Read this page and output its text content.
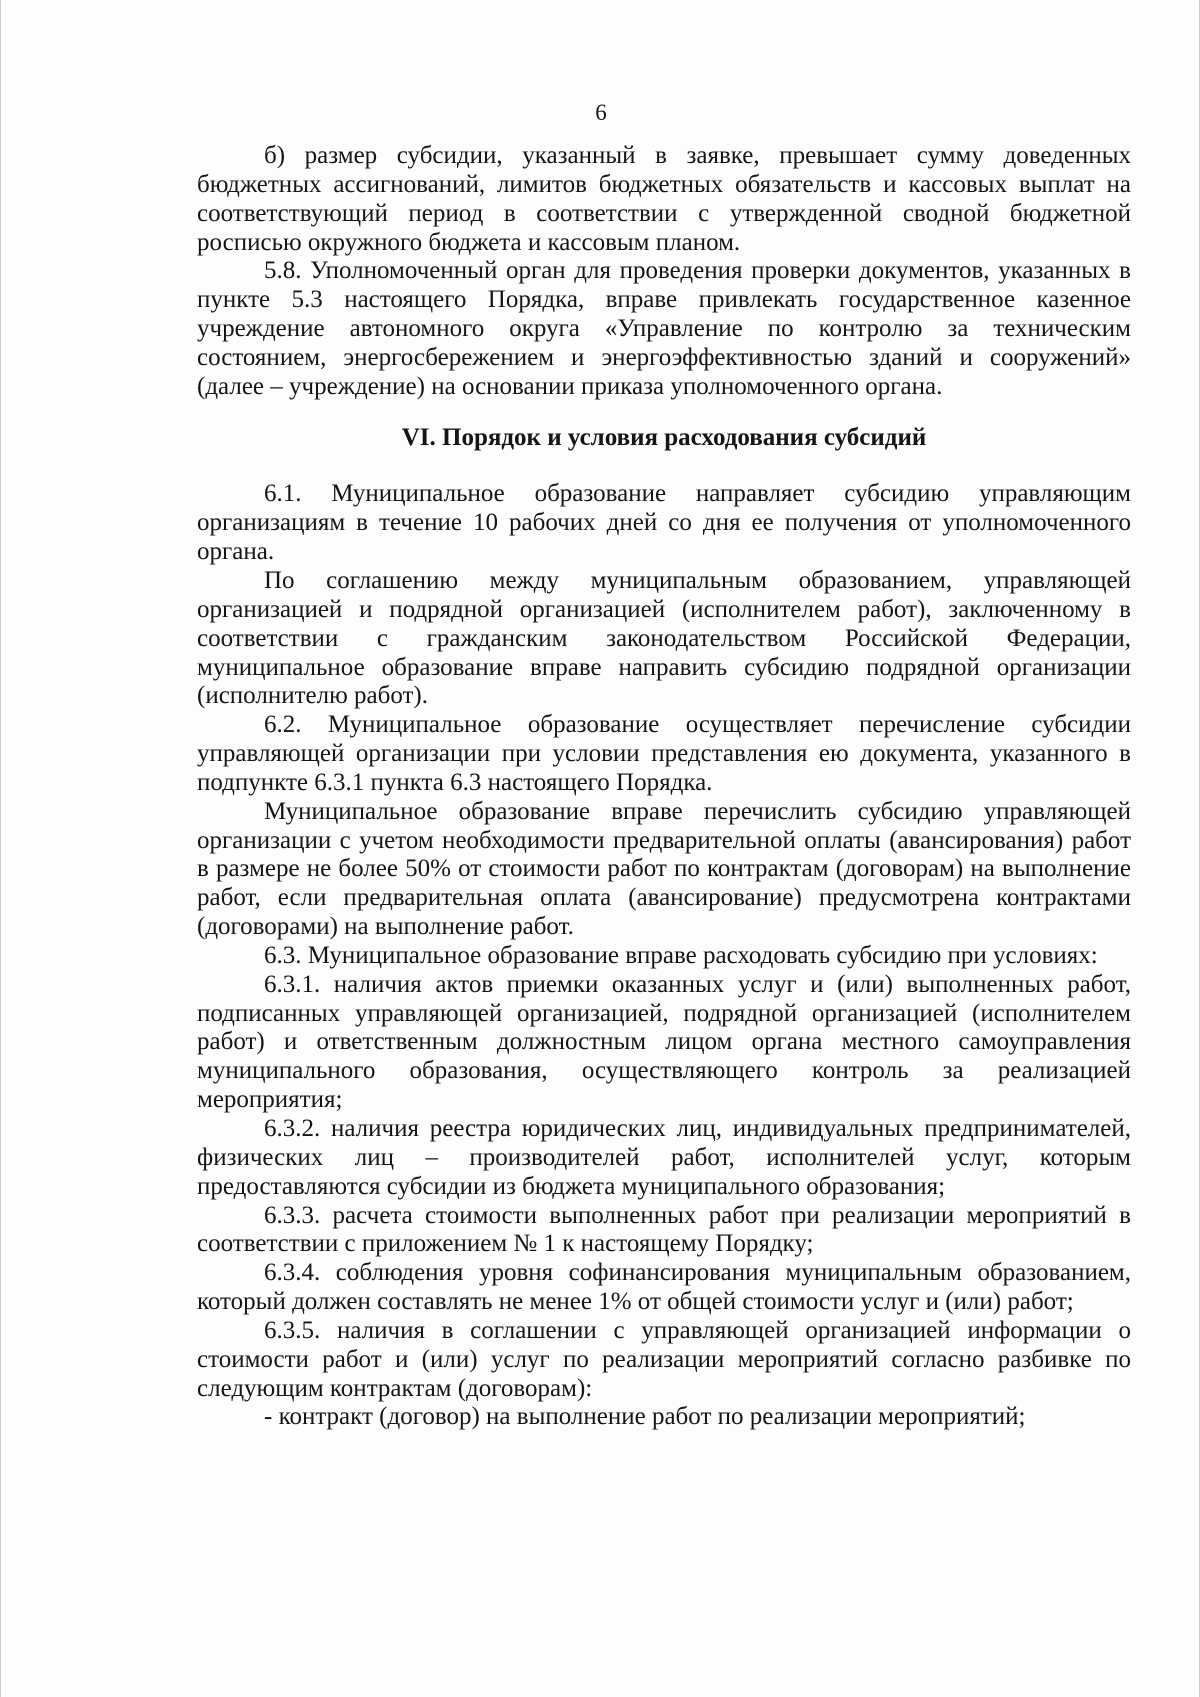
6

б) размер субсидии, указанный в заявке, превышает сумму доведенных бюджетных ассигнований, лимитов бюджетных обязательств и кассовых выплат на соответствующий период в соответствии с утвержденной сводной бюджетной росписью окружного бюджета и кассовым планом.

5.8. Уполномоченный орган для проведения проверки документов, указанных в пункте 5.3 настоящего Порядка, вправе привлекать государственное казенное учреждение автономного округа «Управление по контролю за техническим состоянием, энергосбережением и энергоэффективностью зданий и сооружений» (далее – учреждение) на основании приказа уполномоченного органа.

VI. Порядок и условия расходования субсидий

6.1. Муниципальное образование направляет субсидию управляющим организациям в течение 10 рабочих дней со дня ее получения от уполномоченного органа.

По соглашению между муниципальным образованием, управляющей организацией и подрядной организацией (исполнителем работ), заключенному в соответствии с гражданским законодательством Российской Федерации, муниципальное образование вправе направить субсидию подрядной организации (исполнителю работ).

6.2. Муниципальное образование осуществляет перечисление субсидии управляющей организации при условии представления ею документа, указанного в подпункте 6.3.1 пункта 6.3 настоящего Порядка.

Муниципальное образование вправе перечислить субсидию управляющей организации с учетом необходимости предварительной оплаты (авансирования) работ в размере не более 50% от стоимости работ по контрактам (договорам) на выполнение работ, если предварительная оплата (авансирование) предусмотрена контрактами (договорами) на выполнение работ.

6.3. Муниципальное образование вправе расходовать субсидию при условиях:

6.3.1. наличия актов приемки оказанных услуг и (или) выполненных работ, подписанных управляющей организацией, подрядной организацией (исполнителем работ) и ответственным должностным лицом органа местного самоуправления муниципального образования, осуществляющего контроль за реализацией мероприятия;

6.3.2. наличия реестра юридических лиц, индивидуальных предпринимателей, физических лиц – производителей работ, исполнителей услуг, которым предоставляются субсидии из бюджета муниципального образования;

6.3.3. расчета стоимости выполненных работ при реализации мероприятий в соответствии с приложением № 1 к настоящему Порядку;

6.3.4. соблюдения уровня софинансирования муниципальным образованием, который должен составлять не менее 1% от общей стоимости услуг и (или) работ;

6.3.5. наличия в соглашении с управляющей организацией информации о стоимости работ и (или) услуг по реализации мероприятий согласно разбивке по следующим контрактам (договорам):

- контракт (договор) на выполнение работ по реализации мероприятий;
